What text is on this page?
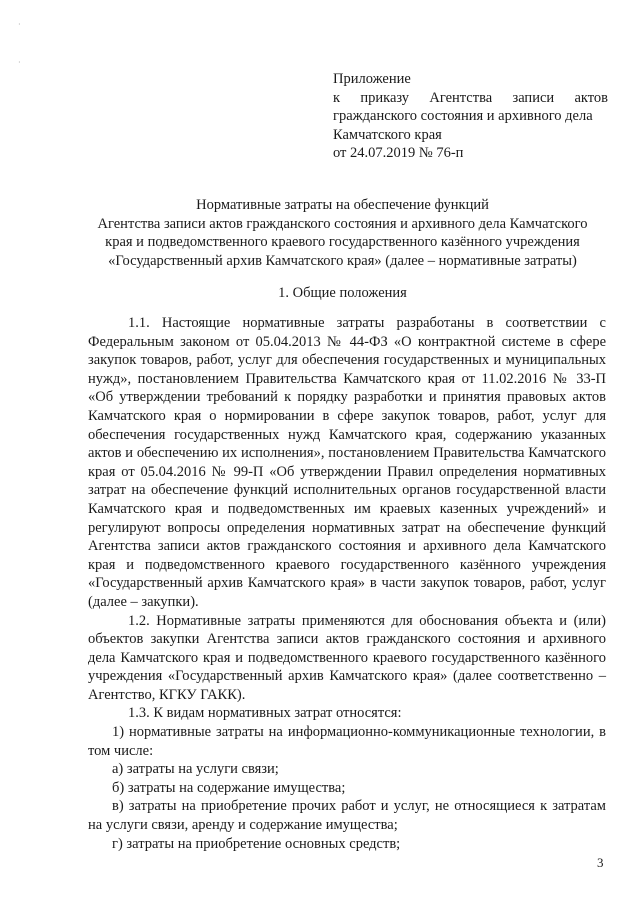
·
·
Приложение
к приказу Агентства записи актов
гражданского состояния и архивного дела
Камчатского края
от 24.07.2019 № 76-п
Нормативные затраты на обеспечение функций
Агентства записи актов гражданского состояния и архивного дела Камчатского
края и подведомственного краевого государственного казённого учреждения
«Государственный архив Камчатского края» (далее – нормативные затраты)
1. Общие положения

1.1. Настоящие нормативные затраты разработаны в соответствии с Федеральным законом от 05.04.2013 № 44-ФЗ «О контрактной системе в сфере закупок товаров, работ, услуг для обеспечения государственных и муниципальных нужд», постановлением Правительства Камчатского края от 11.02.2016 № 33-П «Об утверждении требований к порядку разработки и принятия правовых актов Камчатского края о нормировании в сфере закупок товаров, работ, услуг для обеспечения государственных нужд Камчатского края, содержанию указанных актов и обеспечению их исполнения», постановлением Правительства Камчатского края от 05.04.2016 № 99-П «Об утверждении Правил определения нормативных затрат на обеспечение функций исполнительных органов государственной власти Камчатского края и подведомственных им краевых казенных учреждений» и регулируют вопросы определения нормативных затрат на обеспечение функций Агентства записи актов гражданского состояния и архивного дела Камчатского края и подведомственного краевого государственного казённого учреждения «Государственный архив Камчатского края» в части закупок товаров, работ, услуг (далее – закупки).

1.2. Нормативные затраты применяются для обоснования объекта и (или) объектов закупки Агентства записи актов гражданского состояния и архивного дела Камчатского края и подведомственного краевого государственного казённого учреждения «Государственный архив Камчатского края» (далее соответственно – Агентство, КГКУ ГАКК).

1.3. К видам нормативных затрат относятся:

1) нормативные затраты на информационно-коммуникационные технологии, в том числе:

а) затраты на услуги связи;

б) затраты на содержание имущества;

в) затраты на приобретение прочих работ и услуг, не относящиеся к затратам на услуги связи, аренду и содержание имущества;

г) затраты на приобретение основных средств;

3
